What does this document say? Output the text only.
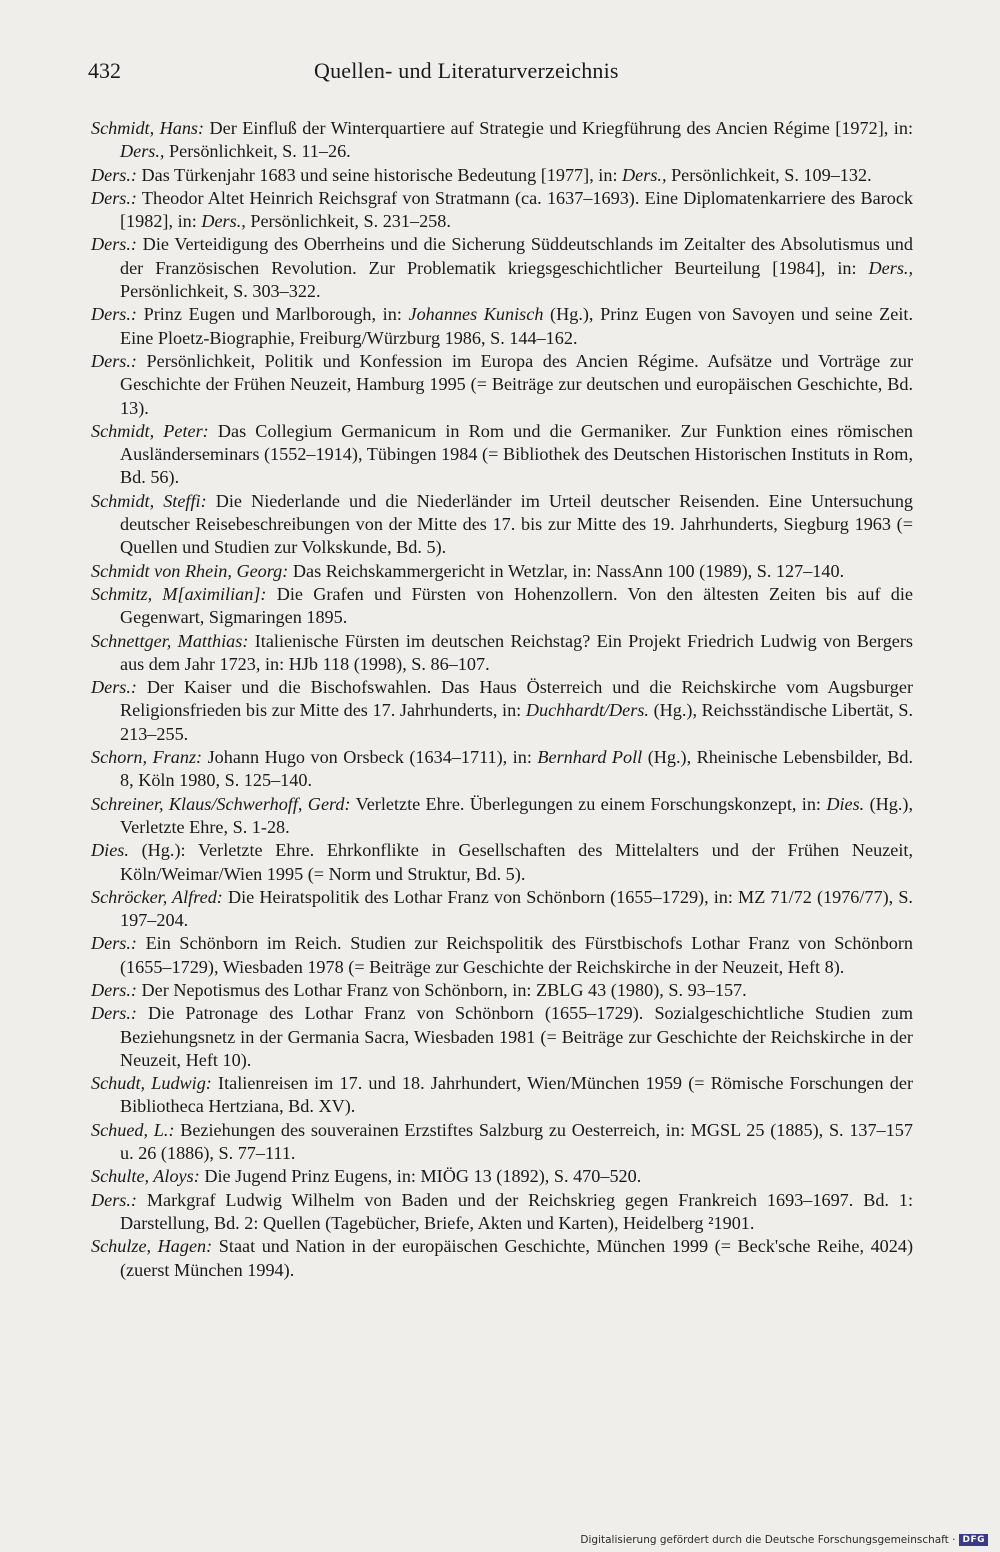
432	Quellen- und Literaturverzeichnis

Schmidt, Hans: Der Einfluß der Winterquartiere auf Strategie und Kriegführung des Ancien Régime [1972], in: Ders., Persönlichkeit, S. 11–26.

Ders.: Das Türkenjahr 1683 und seine historische Bedeutung [1977], in: Ders., Persönlichkeit, S. 109–132.

Ders.: Theodor Altet Heinrich Reichsgraf von Stratmann (ca. 1637–1693). Eine Diplomatenkarriere des Barock [1982], in: Ders., Persönlichkeit, S. 231–258.

Ders.: Die Verteidigung des Oberrheins und die Sicherung Süddeutschlands im Zeitalter des Absolutismus und der Französischen Revolution. Zur Problematik kriegsgeschichtlicher Beurteilung [1984], in: Ders., Persönlichkeit, S. 303–322.

Ders.: Prinz Eugen und Marlborough, in: Johannes Kunisch (Hg.), Prinz Eugen von Savoyen und seine Zeit. Eine Ploetz-Biographie, Freiburg/Würzburg 1986, S. 144–162.

Ders.: Persönlichkeit, Politik und Konfession im Europa des Ancien Régime. Aufsätze und Vorträge zur Geschichte der Frühen Neuzeit, Hamburg 1995 (= Beiträge zur deutschen und europäischen Geschichte, Bd. 13).

Schmidt, Peter: Das Collegium Germanicum in Rom und die Germaniker. Zur Funktion eines römischen Ausländerseminars (1552–1914), Tübingen 1984 (= Bibliothek des Deutschen Historischen Instituts in Rom, Bd. 56).

Schmidt, Steffi: Die Niederlande und die Niederländer im Urteil deutscher Reisenden. Eine Untersuchung deutscher Reisebeschreibungen von der Mitte des 17. bis zur Mitte des 19. Jahrhunderts, Siegburg 1963 (= Quellen und Studien zur Volkskunde, Bd. 5).

Schmidt von Rhein, Georg: Das Reichskammergericht in Wetzlar, in: NassAnn 100 (1989), S. 127–140.

Schmitz, M[aximilian]: Die Grafen und Fürsten von Hohenzollern. Von den ältesten Zeiten bis auf die Gegenwart, Sigmaringen 1895.

Schnettger, Matthias: Italienische Fürsten im deutschen Reichstag? Ein Projekt Friedrich Ludwig von Bergers aus dem Jahr 1723, in: HJb 118 (1998), S. 86–107.

Ders.: Der Kaiser und die Bischofswahlen. Das Haus Österreich und die Reichskirche vom Augsburger Religionsfrieden bis zur Mitte des 17. Jahrhunderts, in: Duchhardt/Ders. (Hg.), Reichsständische Libertät, S. 213–255.

Schorn, Franz: Johann Hugo von Orsbeck (1634–1711), in: Bernhard Poll (Hg.), Rheinische Lebensbilder, Bd. 8, Köln 1980, S. 125–140.

Schreiner, Klaus/Schwerhoff, Gerd: Verletzte Ehre. Überlegungen zu einem Forschungskonzept, in: Dies. (Hg.), Verletzte Ehre, S. 1-28.

Dies. (Hg.): Verletzte Ehre. Ehrkonflikte in Gesellschaften des Mittelalters und der Frühen Neuzeit, Köln/Weimar/Wien 1995 (= Norm und Struktur, Bd. 5).

Schröcker, Alfred: Die Heiratspolitik des Lothar Franz von Schönborn (1655–1729), in: MZ 71/72 (1976/77), S. 197–204.

Ders.: Ein Schönborn im Reich. Studien zur Reichspolitik des Fürstbischofs Lothar Franz von Schönborn (1655–1729), Wiesbaden 1978 (= Beiträge zur Geschichte der Reichskirche in der Neuzeit, Heft 8).

Ders.: Der Nepotismus des Lothar Franz von Schönborn, in: ZBLG 43 (1980), S. 93–157.

Ders.: Die Patronage des Lothar Franz von Schönborn (1655–1729). Sozialgeschichtliche Studien zum Beziehungsnetz in der Germania Sacra, Wiesbaden 1981 (= Beiträge zur Geschichte der Reichskirche in der Neuzeit, Heft 10).

Schudt, Ludwig: Italienreisen im 17. und 18. Jahrhundert, Wien/München 1959 (= Römische Forschungen der Bibliotheca Hertziana, Bd. XV).

Schued, L.: Beziehungen des souverainen Erzstiftes Salzburg zu Oesterreich, in: MGSL 25 (1885), S. 137–157 u. 26 (1886), S. 77–111.

Schulte, Aloys: Die Jugend Prinz Eugens, in: MIÖG 13 (1892), S. 470–520.

Ders.: Markgraf Ludwig Wilhelm von Baden und der Reichskrieg gegen Frankreich 1693–1697. Bd. 1: Darstellung, Bd. 2: Quellen (Tagebücher, Briefe, Akten und Karten), Heidelberg ²1901.

Schulze, Hagen: Staat und Nation in der europäischen Geschichte, München 1999 (= Beck'sche Reihe, 4024) (zuerst München 1994).

Digitalisierung gefördert durch die Deutsche Forschungsgemeinschaft · DFG
